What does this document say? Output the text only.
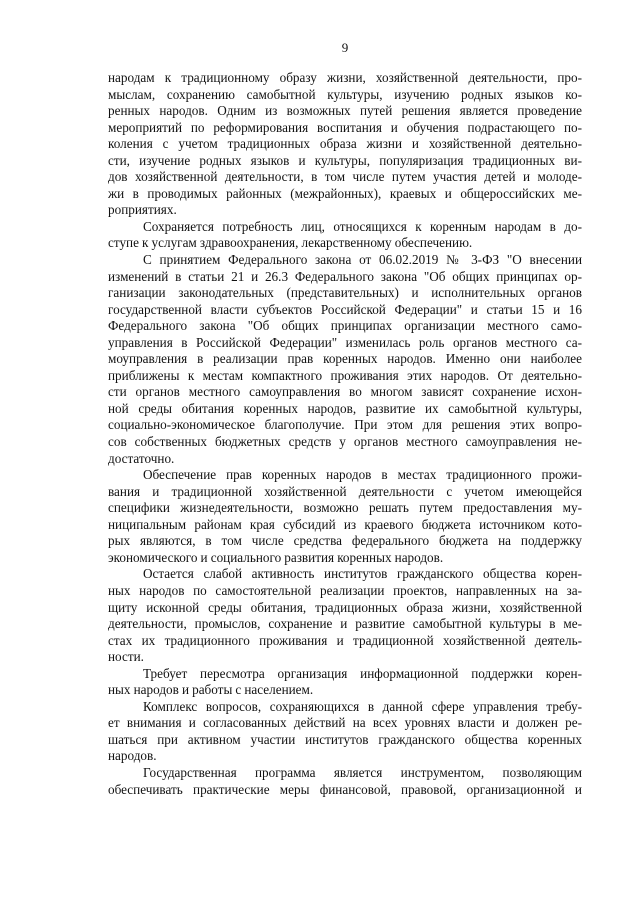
9
народам к традиционному образу жизни, хозяйственной деятельности, про-
мыслам, сохранению самобытной культуры, изучению родных языков ко-
ренных народов. Одним из возможных путей решения является проведение
мероприятий по реформирования воспитания и обучения подрастающего по-
коления с учетом традиционных образа жизни и хозяйственной деятельно-
сти, изучение родных языков и культуры, популяризация традиционных ви-
дов хозяйственной деятельности, в том числе путем участия детей и молоде-
жи в проводимых районных (межрайонных), краевых и общероссийских ме-
роприятиях.
Сохраняется потребность лиц, относящихся к коренным народам в до-
ступе к услугам здравоохранения, лекарственному обеспечению.
С принятием Федерального закона от 06.02.2019 № 3-ФЗ "О внесении
изменений в статьи 21 и 26.3 Федерального закона "Об общих принципах ор-
ганизации законодательных (представительных) и исполнительных органов
государственной власти субъектов Российской Федерации" и статьи 15 и 16
Федерального закона "Об общих принципах организации местного само-
управления в Российской Федерации" изменилась роль органов местного са-
моуправления в реализации прав коренных народов. Именно они наиболее
приближены к местам компактного проживания этих народов. От деятельно-
сти органов местного самоуправления во многом зависят сохранение исхон-
ной среды обитания коренных народов, развитие их самобытной культуры,
социально-экономическое благополучие. При этом для решения этих вопро-
сов собственных бюджетных средств у органов местного самоуправления не-
достаточно.
Обеспечение прав коренных народов в местах традиционного прожи-
вания и традиционной хозяйственной деятельности с учетом имеющейся
специфики жизнедеятельности, возможно решать путем предоставления му-
ниципальным районам края субсидий из краевого бюджета источником кото-
рых являются, в том числе средства федерального бюджета на поддержку
экономического и социального развития коренных народов.
Остается слабой активность институтов гражданского общества корен-
ных народов по самостоятельной реализации проектов, направленных на за-
щиту исконной среды обитания, традиционных образа жизни, хозяйственной
деятельности, промыслов, сохранение и развитие самобытной культуры в ме-
стах их традиционного проживания и традиционной хозяйственной деятель-
ности.
Требует пересмотра организация информационной поддержки корен-
ных народов и работы с населением.
Комплекс вопросов, сохраняющихся в данной сфере управления требу-
ет внимания и согласованных действий на всех уровнях власти и должен ре-
шаться при активном участии институтов гражданского общества коренных
народов.
Государственная программа является инструментом, позволяющим
обеспечивать практические меры финансовой, правовой, организационной и
